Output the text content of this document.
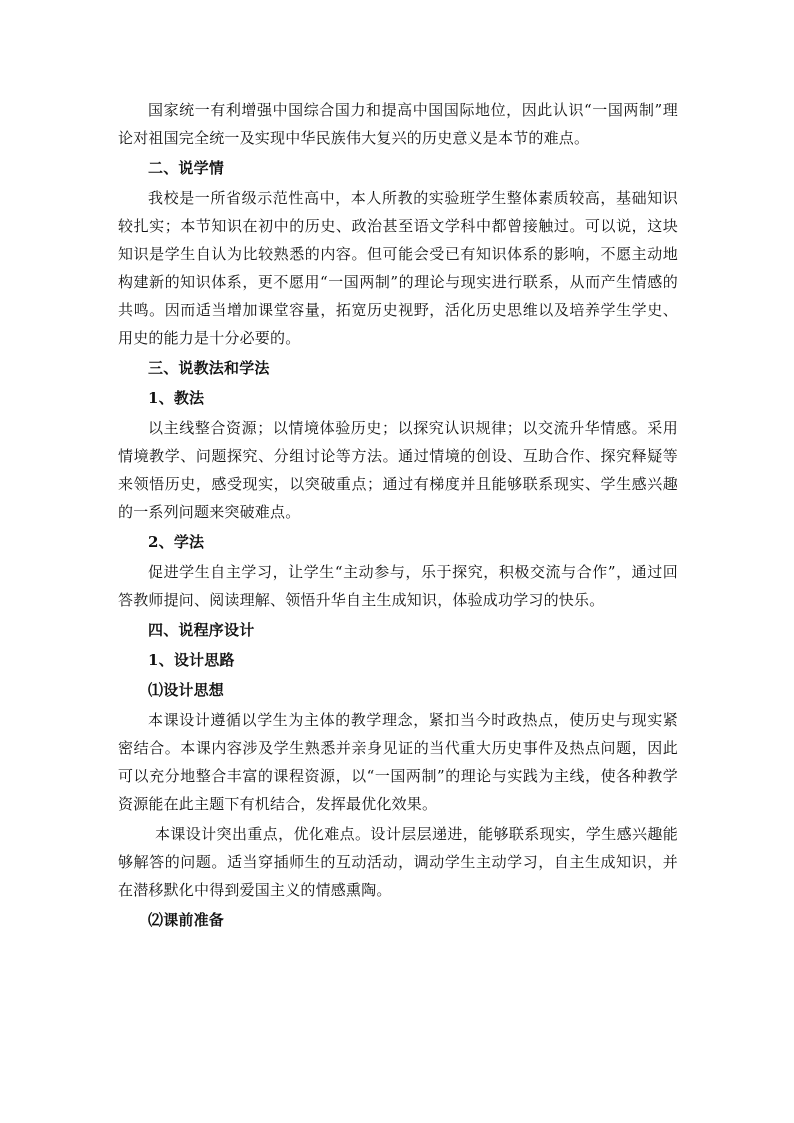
国家统一有利增强中国综合国力和提高中国国际地位，因此认识“一国两制”理论对祖国完全统一及实现中华民族伟大复兴的历史意义是本节的难点。

二、说学情

我校是一所省级示范性高中，本人所教的实验班学生整体素质较高，基础知识较扎实；本节知识在初中的历史、政治甚至语文学科中都曾接触过。可以说，这块知识是学生自认为比较熟悉的内容。但可能会受已有知识体系的影响，不愿主动地构建新的知识体系，更不愿用“一国两制”的理论与现实进行联系，从而产生情感的共鸣。因而适当增加课堂容量，拓宽历史视野，活化历史思维以及培养学生学史、用史的能力是十分必要的。

三、说教法和学法

1、教法

以主线整合资源；以情境体验历史；以探究认识规律；以交流升华情感。采用情境教学、问题探究、分组讨论等方法。通过情境的创设、互助合作、探究释疑等来领悟历史，感受现实，以突破重点；通过有梯度并且能够联系现实、学生感兴趣的一系列问题来突破难点。

2、学法

促进学生自主学习，让学生“主动参与，乐于探究，积极交流与合作”，通过回答教师提问、阅读理解、领悟升华自主生成知识，体验成功学习的快乐。

四、说程序设计

1、设计思路

⑴设计思想

本课设计遵循以学生为主体的教学理念，紧扣当今时政热点，使历史与现实紧密结合。本课内容涉及学生熟悉并亲身见证的当代重大历史事件及热点问题，因此可以充分地整合丰富的课程资源，以“一国两制”的理论与实践为主线，使各种教学资源能在此主题下有机结合，发挥最优化效果。

本课设计突出重点，优化难点。设计层层递进，能够联系现实，学生感兴趣能够解答的问题。适当穿插师生的互动活动，调动学生主动学习，自主生成知识，并在潜移默化中得到爱国主义的情感熏陶。

⑵课前准备
